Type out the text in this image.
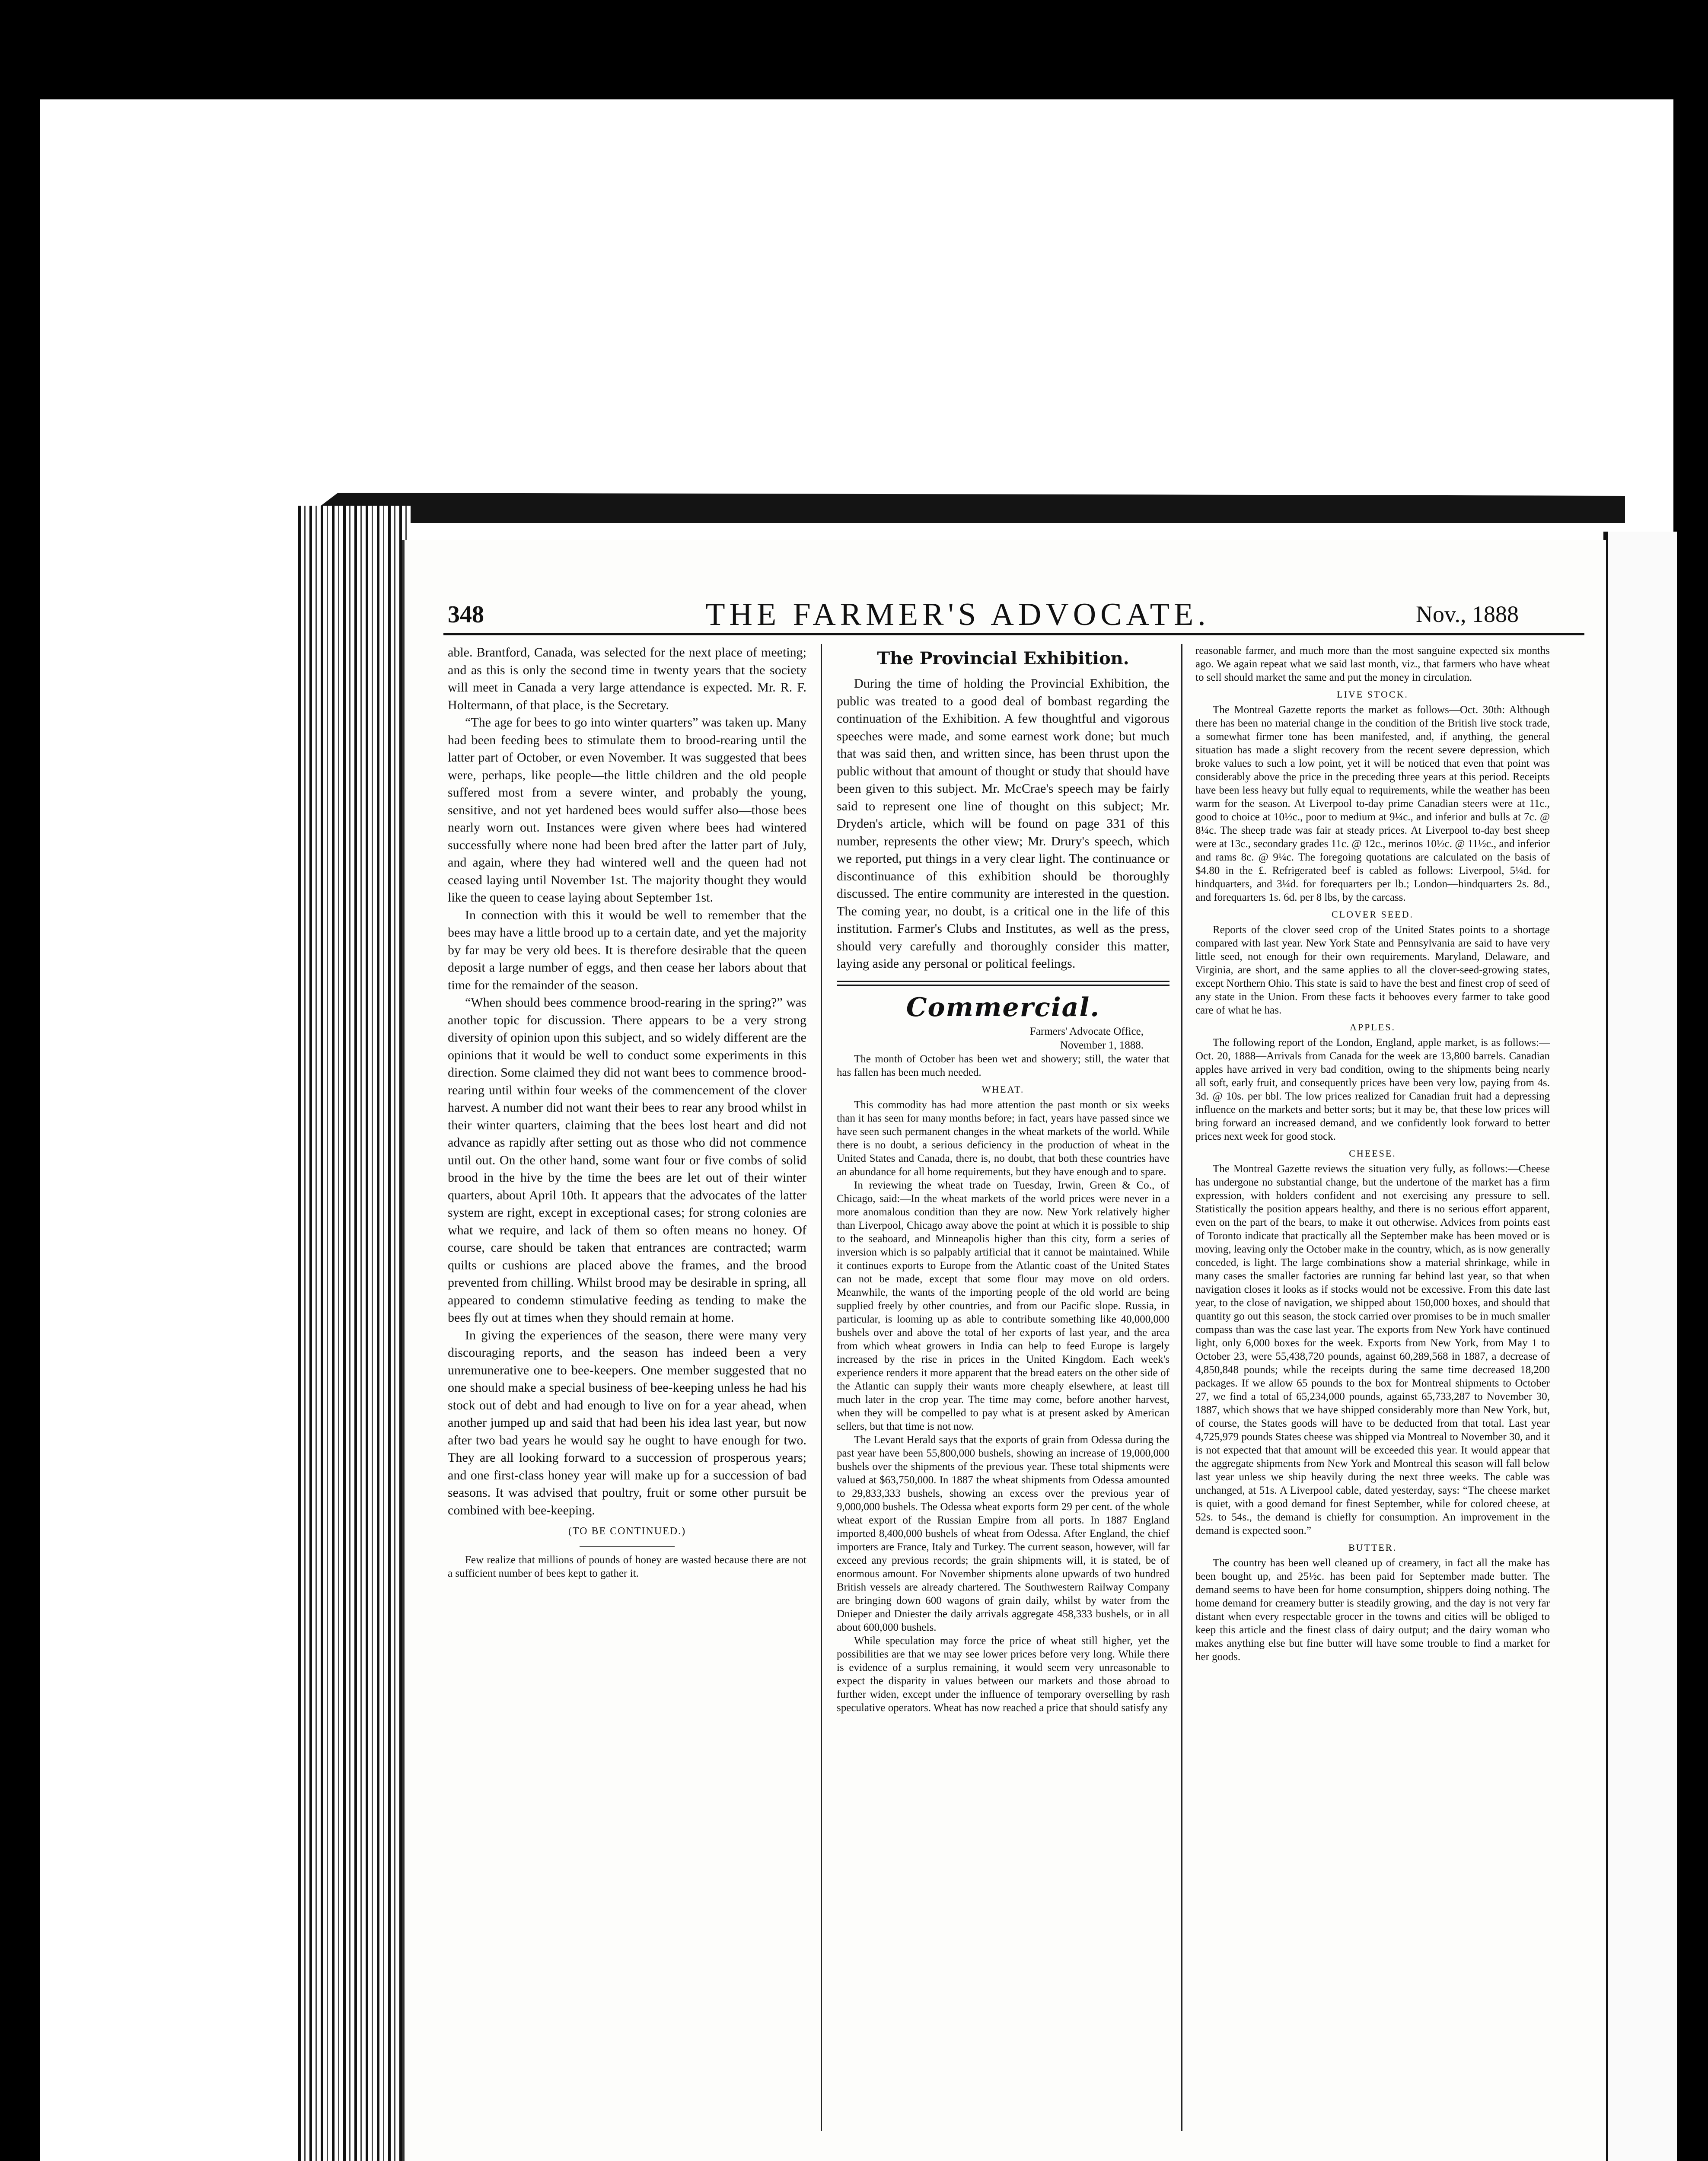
348	THE FARMER'S ADVOCATE.	Nov., 1888

able. Brantford, Canada, was selected for the next place of meeting; and as this is only the second time in twenty years that the society will meet in Canada a very large attendance is expected. Mr. R. F. Holtermann, of that place, is the Secretary.

“The age for bees to go into winter quarters” was taken up. Many had been feeding bees to stimulate them to brood-rearing until the latter part of October, or even November. It was suggested that bees were, perhaps, like people—the little children and the old people suffered most from a severe winter, and probably the young, sensitive, and not yet hardened bees would suffer also—those bees nearly worn out. Instances were given where bees had wintered successfully where none had been bred after the latter part of July, and again, where they had wintered well and the queen had not ceased laying until November 1st. The majority thought they would like the queen to cease laying about September 1st.

In connection with this it would be well to remember that the bees may have a little brood up to a certain date, and yet the majority by far may be very old bees. It is therefore desirable that the queen deposit a large number of eggs, and then cease her labors about that time for the remainder of the season.

“When should bees commence brood-rearing in the spring?” was another topic for discussion. There appears to be a very strong diversity of opinion upon this subject, and so widely different are the opinions that it would be well to conduct some experiments in this direction. Some claimed they did not want bees to commence brood-rearing until within four weeks of the commencement of the clover harvest. A number did not want their bees to rear any brood whilst in their winter quarters, claiming that the bees lost heart and did not advance as rapidly after setting out as those who did not commence until out. On the other hand, some want four or five combs of solid brood in the hive by the time the bees are let out of their winter quarters, about April 10th. It appears that the advocates of the latter system are right, except in exceptional cases; for strong colonies are what we require, and lack of them so often means no honey. Of course, care should be taken that entrances are contracted; warm quilts or cushions are placed above the frames, and the brood prevented from chilling. Whilst brood may be desirable in spring, all appeared to condemn stimulative feeding as tending to make the bees fly out at times when they should remain at home.

In giving the experiences of the season, there were many very discouraging reports, and the season has indeed been a very unremunerative one to bee-keepers. One member suggested that no one should make a special business of bee-keeping unless he had his stock out of debt and had enough to live on for a year ahead, when another jumped up and said that had been his idea last year, but now after two bad years he would say he ought to have enough for two. They are all looking forward to a succession of prosperous years; and one first-class honey year will make up for a succession of bad seasons. It was advised that poultry, fruit or some other pursuit be combined with bee-keeping.

(TO BE CONTINUED.)

Few realize that millions of pounds of honey are wasted because there are not a sufficient number of bees kept to gather it.

The Provincial Exhibition.

During the time of holding the Provincial Exhibition, the public was treated to a good deal of bombast regarding the continuation of the Exhibition. A few thoughtful and vigorous speeches were made, and some earnest work done; but much that was said then, and written since, has been thrust upon the public without that amount of thought or study that should have been given to this subject. Mr. McCrae's speech may be fairly said to represent one line of thought on this subject; Mr. Dryden's article, which will be found on page 331 of this number, represents the other view; Mr. Drury's speech, which we reported, put things in a very clear light. The continuance or discontinuance of this exhibition should be thoroughly discussed. The entire community are interested in the question. The coming year, no doubt, is a critical one in the life of this institution. Farmer's Clubs and Institutes, as well as the press, should very carefully and thoroughly consider this matter, laying aside any personal or political feelings.

Commercial.
Farmers' Advocate Office,
November 1, 1888.

The month of October has been wet and showery; still, the water that has fallen has been much needed.

WHEAT.

This commodity has had more attention the past month or six weeks than it has seen for many months before; in fact, years have passed since we have seen such permanent changes in the wheat markets of the world. While there is no doubt, a serious deficiency in the production of wheat in the United States and Canada, there is, no doubt, that both these countries have an abundance for all home requirements, but they have enough and to spare.

In reviewing the wheat trade on Tuesday, Irwin, Green & Co., of Chicago, said:—In the wheat markets of the world prices were never in a more anomalous condition than they are now. New York relatively higher than Liverpool, Chicago away above the point at which it is possible to ship to the seaboard, and Minneapolis higher than this city, form a series of inversion which is so palpably artificial that it cannot be maintained. While it continues exports to Europe from the Atlantic coast of the United States can not be made, except that some flour may move on old orders. Meanwhile, the wants of the importing people of the old world are being supplied freely by other countries, and from our Pacific slope. Russia, in particular, is looming up as able to contribute something like 40,000,000 bushels over and above the total of her exports of last year, and the area from which wheat growers in India can help to feed Europe is largely increased by the rise in prices in the United Kingdom. Each week's experience renders it more apparent that the bread eaters on the other side of the Atlantic can supply their wants more cheaply elsewhere, at least till much later in the crop year. The time may come, before another harvest, when they will be compelled to pay what is at present asked by American sellers, but that time is not now.

The Levant Herald says that the exports of grain from Odessa during the past year have been 55,800,000 bushels, showing an increase of 19,000,000 bushels over the shipments of the previous year. These total shipments were valued at $63,750,000. In 1887 the wheat shipments from Odessa amounted to 29,833,333 bushels, showing an excess over the previous year of 9,000,000 bushels. The Odessa wheat exports form 29 per cent. of the whole wheat export of the Russian Empire from all ports. In 1887 England imported 8,400,000 bushels of wheat from Odessa. After England, the chief importers are France, Italy and Turkey. The current season, however, will far exceed any previous records; the grain shipments will, it is stated, be of enormous amount. For November shipments alone upwards of two hundred British vessels are already chartered. The Southwestern Railway Company are bringing down 600 wagons of grain daily, whilst by water from the Dnieper and Dniester the daily arrivals aggregate 458,333 bushels, or in all about 600,000 bushels.

While speculation may force the price of wheat still higher, yet the possibilities are that we may see lower prices before very long. While there is evidence of a surplus remaining, it would seem very unreasonable to expect the disparity in values between our markets and those abroad to further widen, except under the influence of temporary overselling by rash speculative operators. Wheat has now reached a price that should satisfy any

reasonable farmer, and much more than the most sanguine expected six months ago. We again repeat what we said last month, viz., that farmers who have wheat to sell should market the same and put the money in circulation.

LIVE STOCK.

The Montreal Gazette reports the market as follows—Oct. 30th: Although there has been no material change in the condition of the British live stock trade, a somewhat firmer tone has been manifested, and, if anything, the general situation has made a slight recovery from the recent severe depression, which broke values to such a low point, yet it will be noticed that even that point was considerably above the price in the preceding three years at this period. Receipts have been less heavy but fully equal to requirements, while the weather has been warm for the season. At Liverpool to-day prime Canadian steers were at 11c., good to choice at 10½c., poor to medium at 9¼c., and inferior and bulls at 7c. @ 8¼c. The sheep trade was fair at steady prices. At Liverpool to-day best sheep were at 13c., secondary grades 11c. @ 12c., merinos 10½c. @ 11½c., and inferior and rams 8c. @ 9¼c. The foregoing quotations are calculated on the basis of $4.80 in the £. Refrigerated beef is cabled as follows: Liverpool, 5¼d. for hindquarters, and 3¼d. for forequarters per lb.; London—hindquarters 2s. 8d., and forequarters 1s. 6d. per 8 lbs, by the carcass.

CLOVER SEED.

Reports of the clover seed crop of the United States points to a shortage compared with last year. New York State and Pennsylvania are said to have very little seed, not enough for their own requirements. Maryland, Delaware, and Virginia, are short, and the same applies to all the clover-seed-growing states, except Northern Ohio. This state is said to have the best and finest crop of seed of any state in the Union. From these facts it behooves every farmer to take good care of what he has.

APPLES.

The following report of the London, England, apple market, is as follows:—Oct. 20, 1888—Arrivals from Canada for the week are 13,800 barrels. Canadian apples have arrived in very bad condition, owing to the shipments being nearly all soft, early fruit, and consequently prices have been very low, paying from 4s. 3d. @ 10s. per bbl. The low prices realized for Canadian fruit had a depressing influence on the markets and better sorts; but it may be, that these low prices will bring forward an increased demand, and we confidently look forward to better prices next week for good stock.

CHEESE.

The Montreal Gazette reviews the situation very fully, as follows:—Cheese has undergone no substantial change, but the undertone of the market has a firm expression, with holders confident and not exercising any pressure to sell. Statistically the position appears healthy, and there is no serious effort apparent, even on the part of the bears, to make it out otherwise. Advices from points east of Toronto indicate that practically all the September make has been moved or is moving, leaving only the October make in the country, which, as is now generally conceded, is light. The large combinations show a material shrinkage, while in many cases the smaller factories are running far behind last year, so that when navigation closes it looks as if stocks would not be excessive. From this date last year, to the close of navigation, we shipped about 150,000 boxes, and should that quantity go out this season, the stock carried over promises to be in much smaller compass than was the case last year. The exports from New York have continued light, only 6,000 boxes for the week. Exports from New York, from May 1 to October 23, were 55,438,720 pounds, against 60,289,568 in 1887, a decrease of 4,850,848 pounds; while the receipts during the same time decreased 18,200 packages. If we allow 65 pounds to the box for Montreal shipments to October 27, we find a total of 65,234,000 pounds, against 65,733,287 to November 30, 1887, which shows that we have shipped considerably more than New York, but, of course, the States goods will have to be deducted from that total. Last year 4,725,979 pounds States cheese was shipped via Montreal to November 30, and it is not expected that that amount will be exceeded this year. It would appear that the aggregate shipments from New York and Montreal this season will fall below last year unless we ship heavily during the next three weeks. The cable was unchanged, at 51s. A Liverpool cable, dated yesterday, says: “The cheese market is quiet, with a good demand for finest September, while for colored cheese, at 52s. to 54s., the demand is chiefly for consumption. An improvement in the demand is expected soon.”

BUTTER.

The country has been well cleaned up of creamery, in fact all the make has been bought up, and 25½c. has been paid for September made butter. The demand seems to have been for home consumption, shippers doing nothing. The home demand for creamery butter is steadily growing, and the day is not very far distant when every respectable grocer in the towns and cities will be obliged to keep this article and the finest class of dairy output; and the dairy woman who makes anything else but fine butter will have some trouble to find a market for her goods.
